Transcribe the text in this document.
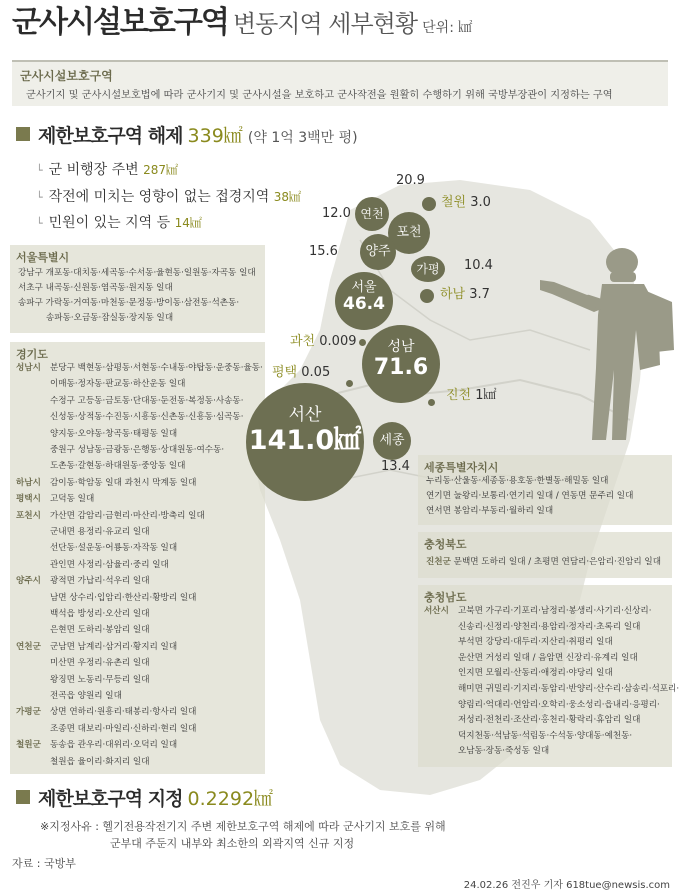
군사시설보호구역 변동지역 세부현황 단위: ㎢
군사시설보호구역
군사기지 및 군사시설보호법에 따라 군사기지 및 군사시설을 보호하고 군사작전을 원활히 수행하기 위해 국방부장관이 지정하는 구역
제한보호구역 해제 339㎢ (약 1억 3백만 평)
└ 군 비행장 주변 287㎢
└ 작전에 미치는 영향이 없는 접경지역 38㎢
└ 민원이 있는 지역 등 14㎢
서울특별시
강남구 개포동·대치동·세곡동·수서동·율현동·일원동·자곡동 일대
서초구 내곡동·신원동·염곡동·원지동 일대
송파구 가락동·거여동·마천동·문정동·방이동·삼전동·석촌동·
송파동·오금동·잠실동·장지동 일대
경기도
성남시 분당구 백현동·삼평동·서현동·수내동·야탑동·운중동·율동·
이매동·정자동·판교동·하산운동 일대
수정구 고등동·금토동·단대동·둔전동·복정동·사송동·
신성동·상적동·수진동·시흥동·신촌동·신흥동·심곡동·
양지동·오야동·창곡동·태평동 일대
중원구 성남동·금광동·은행동·상대원동·여수동·
도촌동·갈현동·하대원동·중앙동 일대
하남시 감이동·학암동 일대 과천시 막계동 일대
평택시 고덕동 일대
포천시 가산면 감암리·금현리·마산리·방축리 일대
군내면 용정리·유교리 일대
선단동·설운동·어룡동·자작동 일대
관인면 사정리·삼율리·중리 일대
양주시 광적면 가납리·석우리 일대
남면 상수리·입암리·한산리·황방리 일대
백석읍 방성리·오산리 일대
은현면 도하리·봉암리 일대
연천군 군남면 남계리·삼거리·황지리 일대
미산면 우정리·유촌리 일대
왕징면 노동리·무등리 일대
전곡읍 양원리 일대
가평군 상면 연하리·원흥리·태봉리·항사리 일대
조종면 대보리·마일리·신하리·현리 일대
철원군 동송읍 관우리·대위리·오덕리 일대
철원읍 율이리·화지리 일대
세종특별자치시
누리동·산울동·세종동·용호동·한별동·해밀동 일대
연기면 눌왕리·보통리·연기리 일대 / 연동면 문주리 일대
연서면 봉암리·부동리·월하리 일대
충청북도
진천군 문백면 도하리 일대 / 초평면 연담리·은암리·진암리 일대
충청남도
서산시 고북면 가구리·기포리·남정리·봉생리·사기리·신상리·
신송리·신정리·양천리·용암리·정자리·초록리 일대
부석면 강당리·대두리·지산리·취평리 일대
운산면 거성리 일대 / 음암면 신장리·유계리 일대
인지면 모월리·산동리·애정리·야당리 일대
해미면 귀밀리·기지리·동암리·반양리·산수리·삼송리·석포리·
양림리·억대리·언암리·오학리·웅소성리·읍내리·응평리·
저성리·전천리·조산리·홍천리·황락리·휴암리 일대
덕지천동·석남동·석림동·수석동·양대동·예천동·
오남동·장동·죽성동 일대
철원 3.0
연천
12.0
포천
20.9
양주
15.6
가평	10.4
하남 3.7
서울
46.4
과천 0.009	성남
71.6
평택 0.05
진천 1㎢
서산
141.0㎢	세종
13.4
제한보호구역 지정 0.2292㎢
※지정사유 : 헬기전용작전기지 주변 제한보호구역 해제에 따라 군사기지 보호를 위해
군부대 주둔지 내부와 최소한의 외곽지역 신규 지정
자료 : 국방부
24.02.26 전진우 기자 618tue@newsis.com
